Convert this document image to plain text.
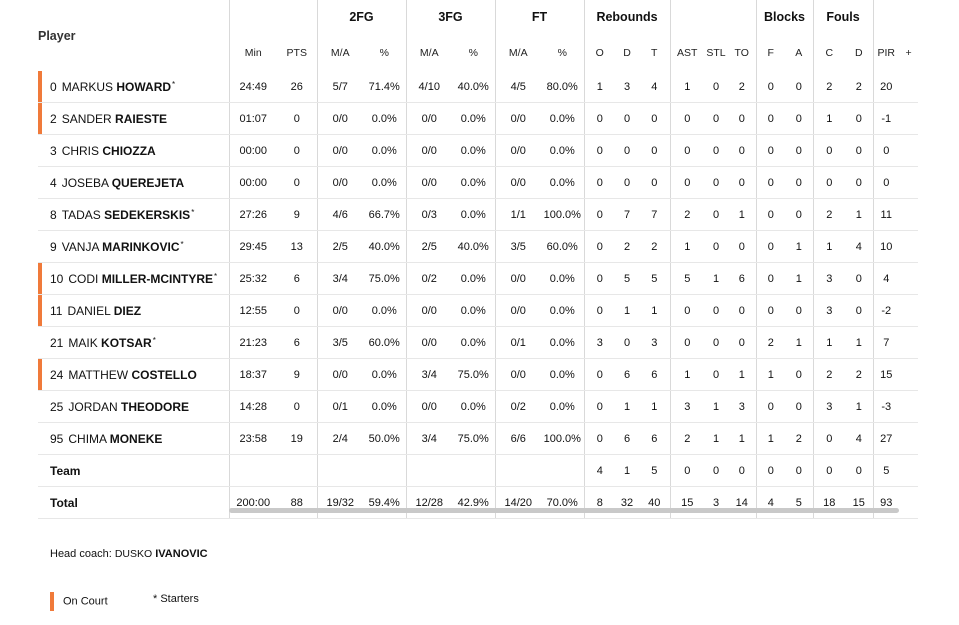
Player			2FG		3FG		FT		Rebounds						Blocks		Fouls			
	Min	PTS	M/A	%	M/A	%	M/A	%	O	D	T	AST	STL	TO	F	A	C	D	PIR	+

0 MARKUS HOWARD*	24:49	26	5/7	71.4%	4/10	40.0%	4/5	80.0%	1	3	4	1	0	2	0	0	2	2	20	

2 SANDER RAIESTE	01:07	0	0/0	0.0%	0/0	0.0%	0/0	0.0%	0	0	0	0	0	0	0	0	1	0	-1	
3 CHRIS CHIOZZA	00:00	0	0/0	0.0%	0/0	0.0%	0/0	0.0%	0	0	0	0	0	0	0	0	0	0	0	
4 JOSEBA QUEREJETA	00:00	0	0/0	0.0%	0/0	0.0%	0/0	0.0%	0	0	0	0	0	0	0	0	0	0	0	
8 TADAS SEDEKERSKIS*	27:26	9	4/6	66.7%	0/3	0.0%	1/1	100.0%	0	7	7	2	0	1	0	0	2	1	11	
9 VANJA MARINKOVIC*	29:45	13	2/5	40.0%	2/5	40.0%	3/5	60.0%	0	2	2	1	0	0	0	1	1	4	10	

10 CODI MILLER-MCINTYRE*	25:32	6	3/4	75.0%	0/2	0.0%	0/0	0.0%	0	5	5	5	1	6	0	1	3	0	4	

11 DANIEL DIEZ	12:55	0	0/0	0.0%	0/0	0.0%	0/0	0.0%	0	1	1	0	0	0	0	0	3	0	-2	
21 MAIK KOTSAR*	21:23	6	3/5	60.0%	0/0	0.0%	0/1	0.0%	3	0	3	0	0	0	2	1	1	1	7	

24 MATTHEW COSTELLO	18:37	9	0/0	0.0%	3/4	75.0%	0/0	0.0%	0	6	6	1	0	1	1	0	2	2	15	
25 JORDAN THEODORE	14:28	0	0/1	0.0%	0/0	0.0%	0/2	0.0%	0	1	1	3	1	3	0	0	3	1	-3	
95 CHIMA MONEKE	23:58	19	2/4	50.0%	3/4	75.0%	6/6	100.0%	0	6	6	2	1	1	1	2	0	4	27	
Team									4	1	5	0	0	0	0	0	0	0	5	
Total	200:00	88	19/32	59.4%	12/28	42.9%	14/20	70.0%	8	32	40	15	3	14	4	5	18	15	93	
Head coach: DUSKO IVANOVIC
On Court	* Starters
